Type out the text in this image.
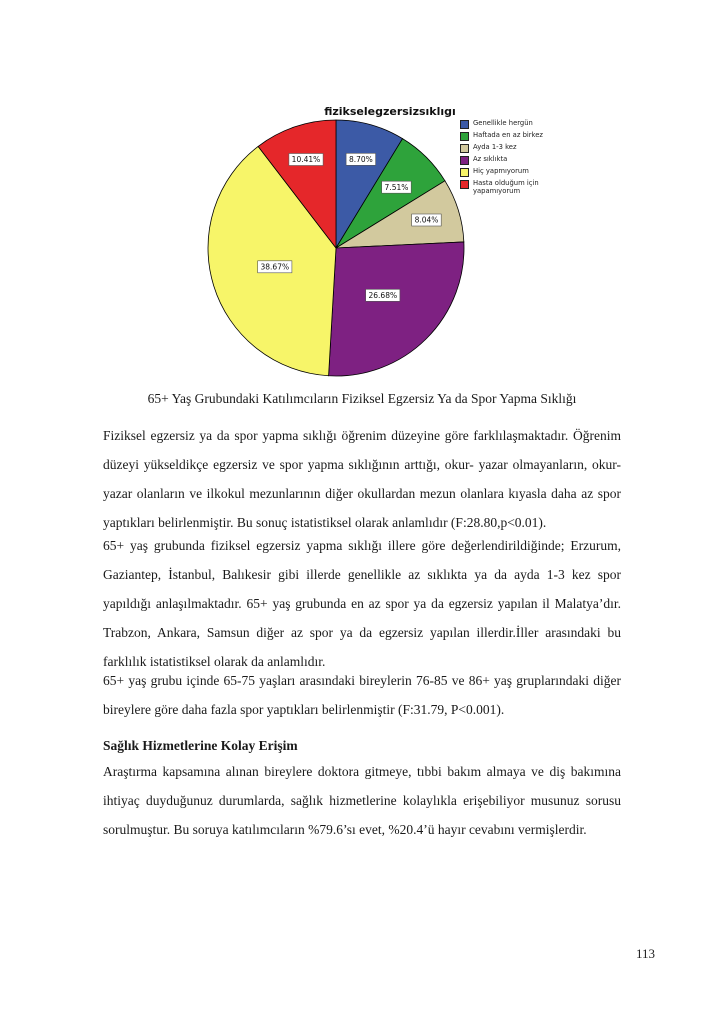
fizikselegzersizsıklıgı
8.70%
7.51%
8.04%
26.68%
38.67%
10.41%
Genellikle hergün
Haftada en az birkez
Ayda 1-3 kez
Az sıklıkta
Hiç yapmıyorum
Hasta olduğum için yapamıyorum
65+ Yaş Grubundaki Katılımcıların Fiziksel Egzersiz Ya da Spor Yapma Sıklığı
Fiziksel egzersiz ya da spor yapma sıklığı öğrenim düzeyine göre farklılaşmaktadır. Öğrenim düzeyi yükseldikçe egzersiz ve spor yapma sıklığının arttığı, okur- yazar olmayanların, okur- yazar olanların ve ilkokul mezunlarının diğer okullardan mezun olanlara kıyasla daha az spor yaptıkları belirlenmiştir. Bu sonuç istatistiksel olarak anlamlıdır (F:28.80,p<0.01).
65+ yaş grubunda fiziksel egzersiz yapma sıklığı illere göre değerlendirildiğinde; Erzurum, Gaziantep, İstanbul, Balıkesir gibi illerde genellikle az sıklıkta ya da ayda 1-3 kez spor yapıldığı anlaşılmaktadır. 65+ yaş grubunda en az spor ya da egzersiz yapılan il Malatya’dır. Trabzon, Ankara, Samsun diğer az spor ya da egzersiz yapılan illerdir.İller arasındaki bu farklılık istatistiksel olarak da anlamlıdır.
65+ yaş grubu içinde 65-75 yaşları arasındaki bireylerin 76-85 ve 86+ yaş gruplarındaki diğer bireylere göre daha fazla spor yaptıkları belirlenmiştir (F:31.79, P<0.001).
Sağlık Hizmetlerine Kolay Erişim
Araştırma kapsamına alınan bireylere doktora gitmeye, tıbbi bakım almaya ve diş bakımına ihtiyaç duyduğunuz durumlarda, sağlık hizmetlerine kolaylıkla erişebiliyor musunuz sorusu sorulmuştur. Bu soruya katılımcıların %79.6’sı evet, %20.4’ü hayır cevabını vermişlerdir.
113
